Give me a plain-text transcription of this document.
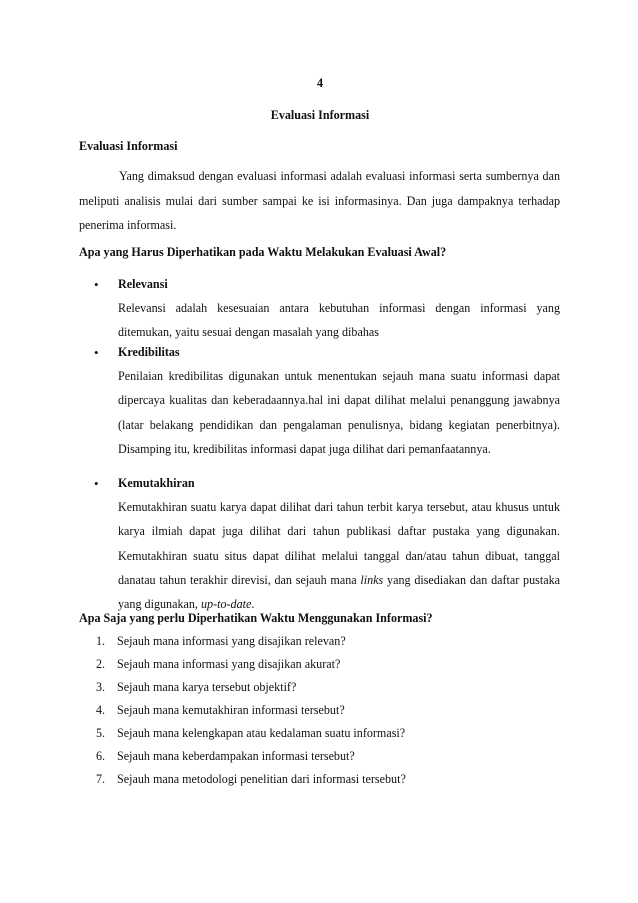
4

Evaluasi Informasi

Evaluasi Informasi

Yang dimaksud dengan evaluasi informasi adalah evaluasi informasi serta sumbernya dan meliputi analisis mulai dari sumber sampai ke isi informasinya. Dan juga dampaknya terhadap penerima informasi.

Apa yang Harus Diperhatikan pada Waktu Melakukan Evaluasi Awal?

•	Relevansi
Relevansi adalah kesesuaian antara kebutuhan informasi dengan informasi yang ditemukan, yaitu sesuai dengan masalah yang dibahas
•	Kredibilitas
Penilaian kredibilitas digunakan untuk menentukan sejauh mana suatu informasi dapat dipercaya kualitas dan keberadaannya.hal ini dapat dilihat melalui penanggung jawabnya (latar belakang pendidikan dan pengalaman penulisnya, bidang kegiatan penerbitnya). Disamping itu, kredibilitas informasi dapat juga dilihat dari pemanfaatannya.
•	Kemutakhiran
Kemutakhiran suatu karya dapat dilihat dari tahun terbit karya tersebut, atau khusus untuk karya ilmiah dapat juga dilihat dari tahun publikasi daftar pustaka yang digunakan. Kemutakhiran suatu situs dapat dilihat melalui tanggal dan/atau tahun dibuat, tanggal danatau tahun terakhir direvisi, dan sejauh mana links yang disediakan dan daftar pustaka yang digunakan, up-to-date.

Apa Saja yang perlu Diperhatikan Waktu Menggunakan Informasi?

1. Sejauh mana informasi yang disajikan relevan?
2. Sejauh mana informasi yang disajikan akurat?
3. Sejauh mana karya tersebut objektif?
4. Sejauh mana kemutakhiran informasi tersebut?
5. Sejauh mana kelengkapan atau kedalaman suatu informasi?
6. Sejauh mana keberdampakan informasi tersebut?
7. Sejauh mana metodologi penelitian dari informasi tersebut?
